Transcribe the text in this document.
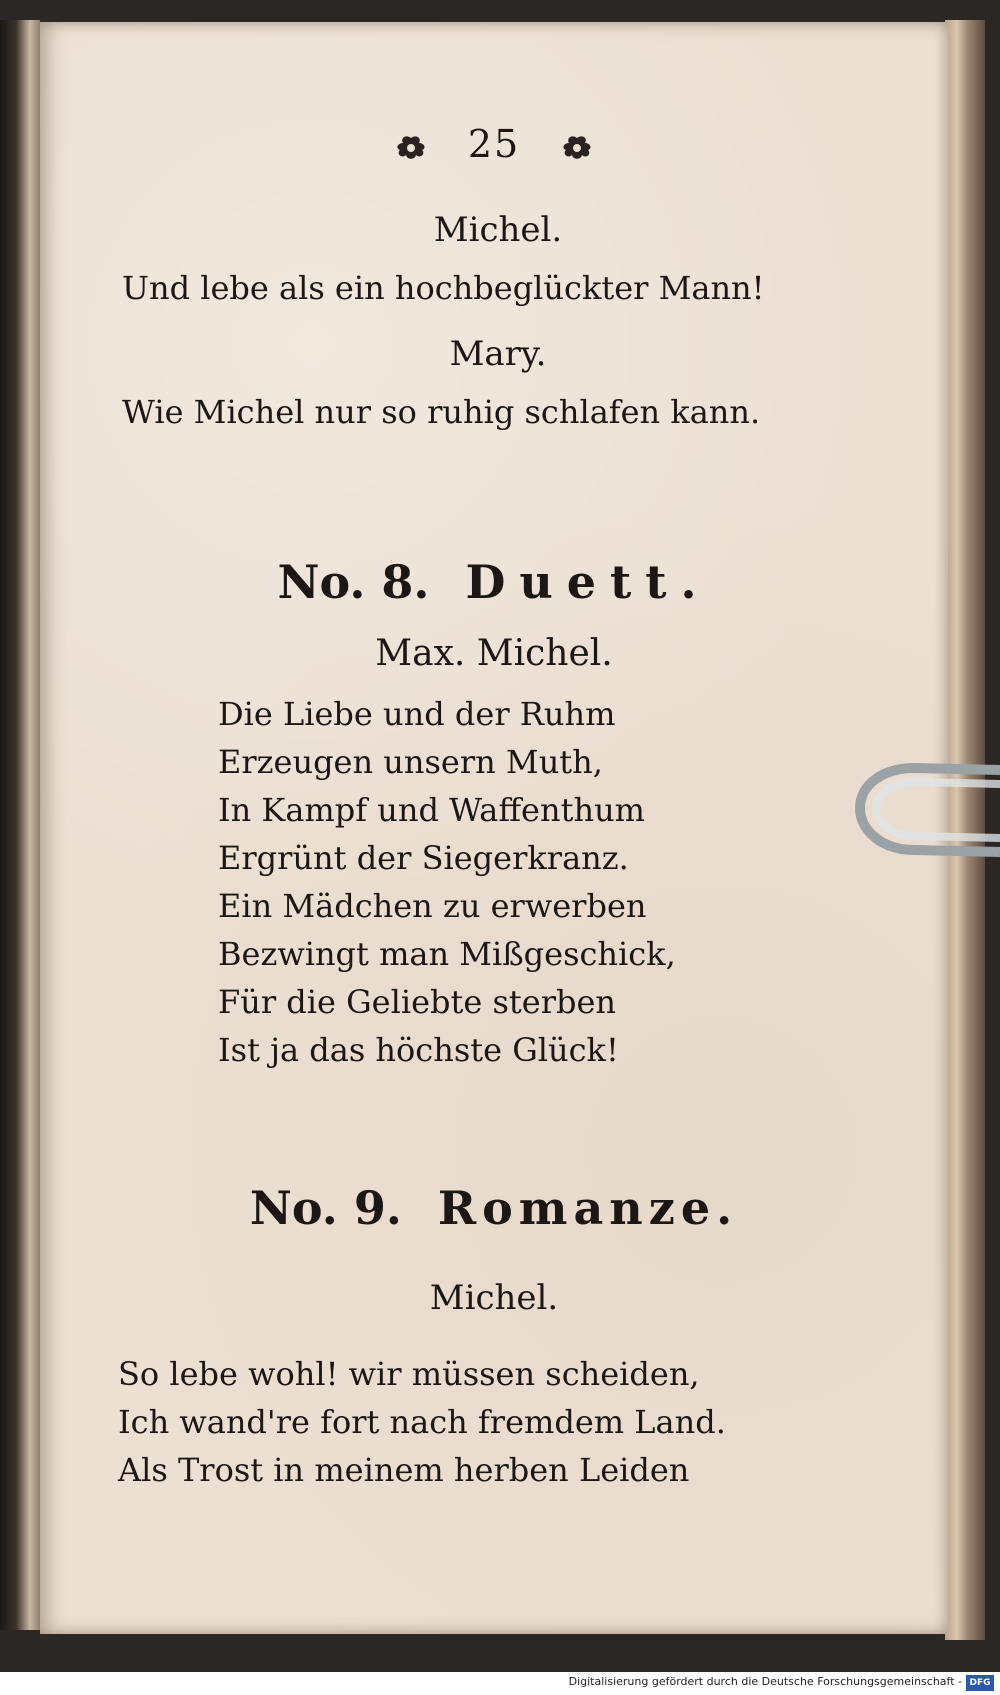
25
Michel.
Und lebe als ein hochbeglückter Mann!
Mary.
Wie Michel nur so ruhig schlafen kann.
No. 8. Duett.
Max. Michel.
Die Liebe und der Ruhm
Erzeugen unsern Muth,
In Kampf und Waffenthum
Ergrünt der Siegerkranz.
Ein Mädchen zu erwerben
Bezwingt man Mißgeschick,
Für die Geliebte sterben
Ist ja das höchste Glück!
No. 9. Romanze.
Michel.
So lebe wohl! wir müssen scheiden,
Ich wand're fort nach fremdem Land.
Als Trost in meinem herben Leiden
Digitalisierung gefördert durch die Deutsche Forschungsgemeinschaft - DFG
